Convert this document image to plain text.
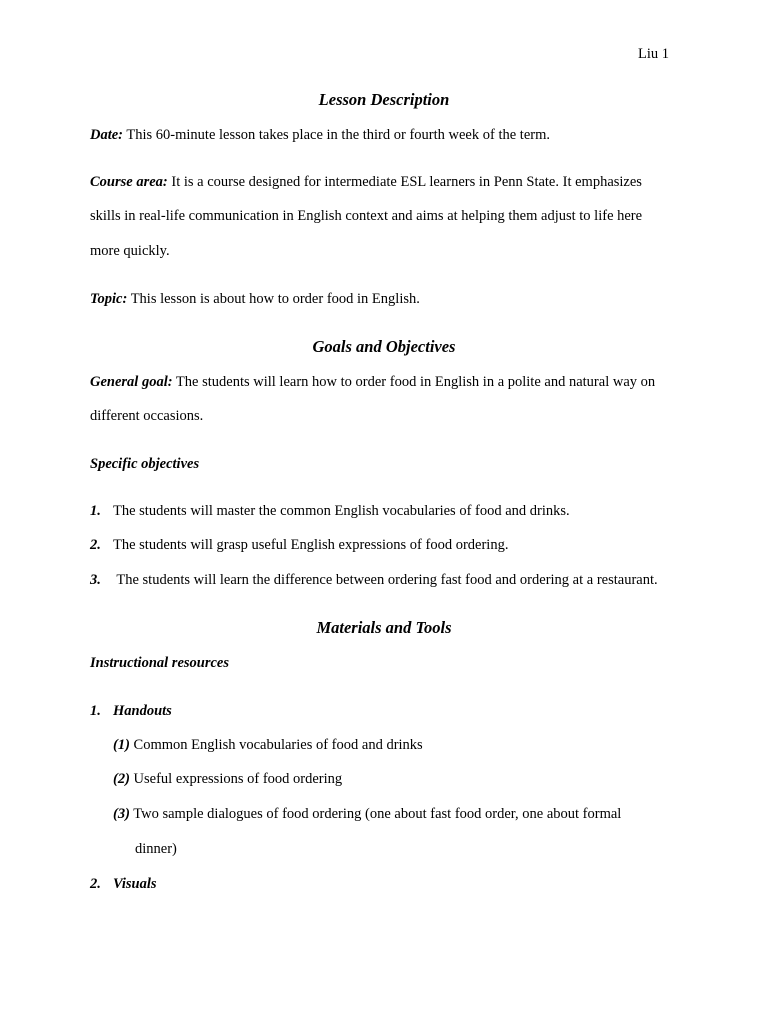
Liu 1
Lesson Description
Date: This 60-minute lesson takes place in the third or fourth week of the term.
Course area: It is a course designed for intermediate ESL learners in Penn State. It emphasizes
skills in real-life communication in English context and aims at helping them adjust to life here
more quickly.
Topic: This lesson is about how to order food in English.
Goals and Objectives
General goal: The students will learn how to order food in English in a polite and natural way on
different occasions.
Specific objectives
1. The students will master the common English vocabularies of food and drinks.
2. The students will grasp useful English expressions of food ordering.
3. The students will learn the difference between ordering fast food and ordering at a restaurant.
Materials and Tools
Instructional resources
1. Handouts
(1) Common English vocabularies of food and drinks
(2) Useful expressions of food ordering
(3) Two sample dialogues of food ordering (one about fast food order, one about formal
dinner)
2. Visuals
